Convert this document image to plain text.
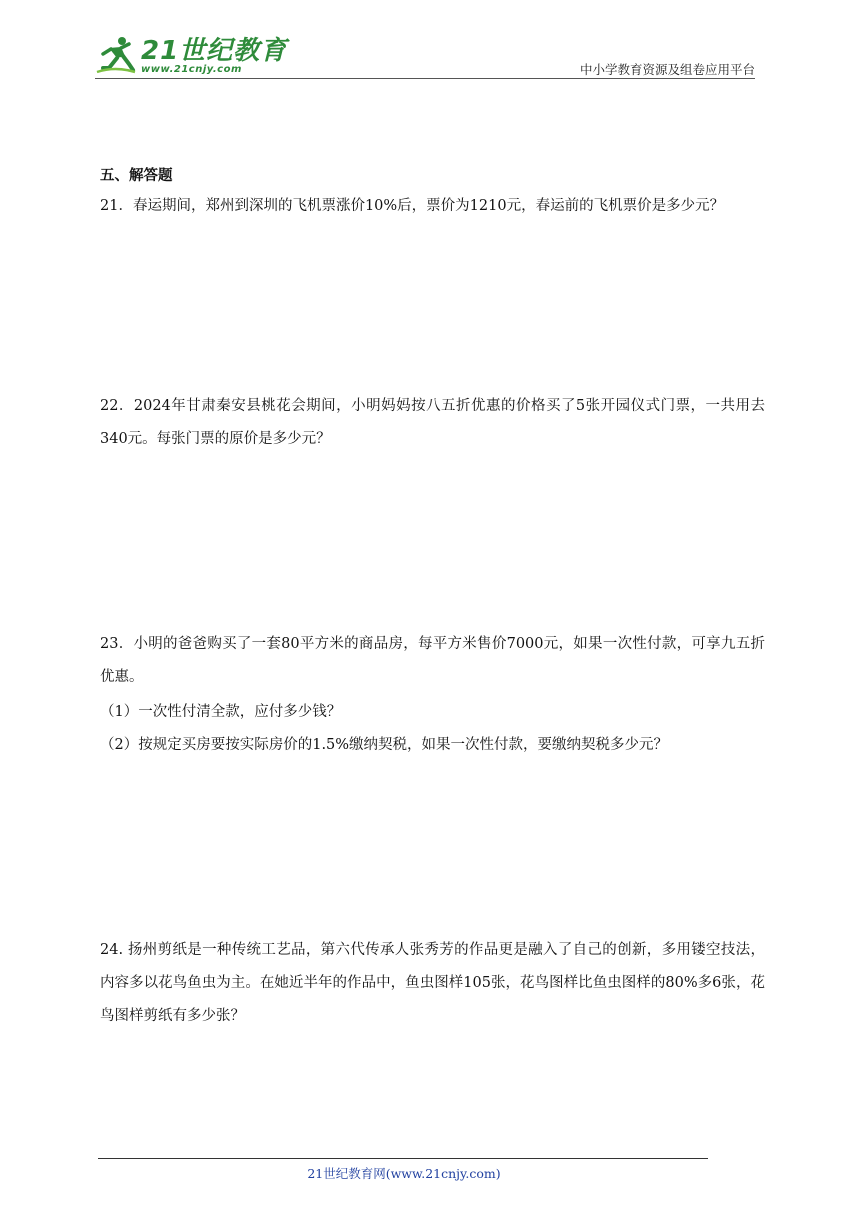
21世纪教育
www.21cnjy.com	中小学教育资源及组卷应用平台
五、解答题
21．春运期间，郑州到深圳的飞机票涨价10%后，票价为1210元，春运前的飞机票价是多少元？
22．2024年甘肃秦安县桃花会期间，小明妈妈按八五折优惠的价格买了5张开园仪式门票，一共用去340元。每张门票的原价是多少元？
23．小明的爸爸购买了一套80平方米的商品房，每平方米售价7000元，如果一次性付款，可享九五折优惠。
（1）一次性付清全款，应付多少钱？
（2）按规定买房要按实际房价的1.5%缴纳契税，如果一次性付款，要缴纳契税多少元？
24. 扬州剪纸是一种传统工艺品，第六代传承人张秀芳的作品更是融入了自己的创新，多用镂空技法，内容多以花鸟鱼虫为主。在她近半年的作品中，鱼虫图样105张，花鸟图样比鱼虫图样的80%多6张，花鸟图样剪纸有多少张？
21世纪教育网(www.21cnjy.com)
